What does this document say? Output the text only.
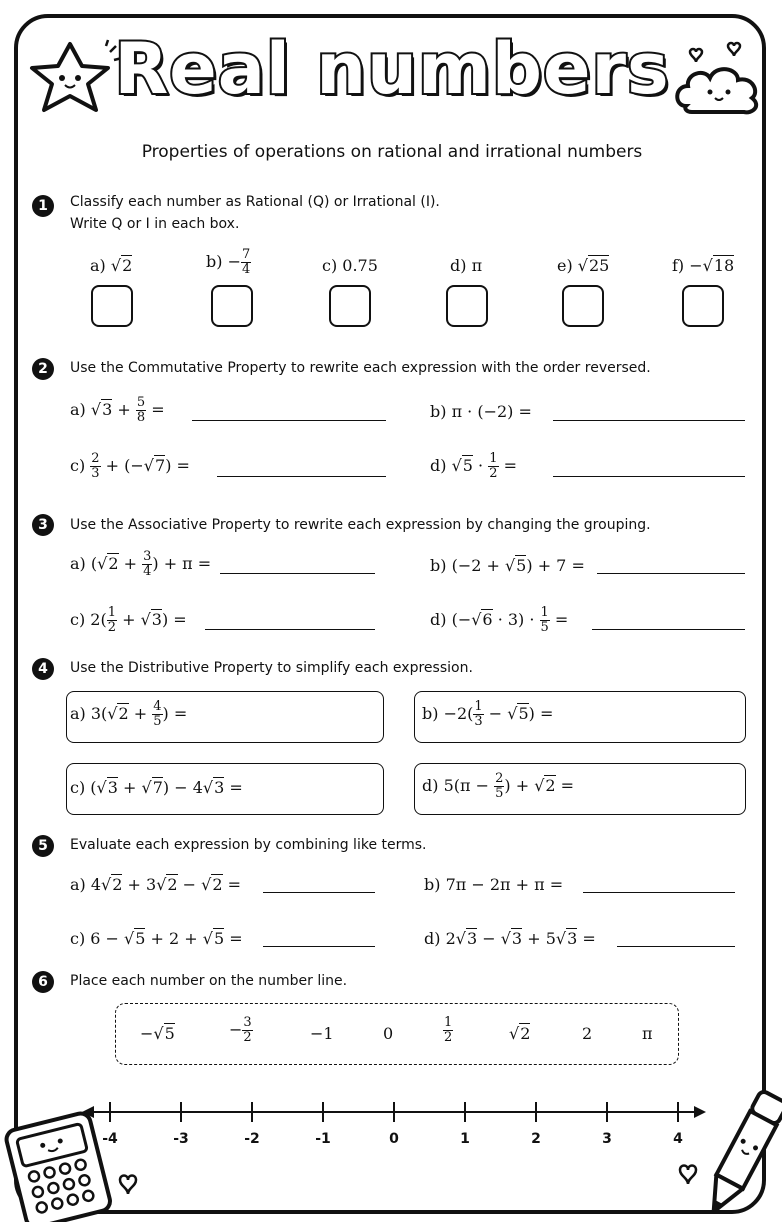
Real numbers
Properties of operations on rational and irrational numbers
1	Classify each number as Rational (Q) or Irrational (I).
Write Q or I in each box.
a) √2	$b) - \frac{7}{4}$	c) 0.75	d) π	e) √25	f) −√18
2	Use the Commutative Property to rewrite each expression with the order reversed.
a) $√3 + \frac{5}{8}$ =	b) π · (−2) =
$c) \frac{2}{3} + (-√7)$ =	d) $√5 \cdot \frac{1}{2}$ =
3	Use the Associative Property to rewrite each expression by changing the grouping.
a) ($√2 + \frac{3}{4}$ ) + π =	b) (−2 + √5) + 7 =
c) $2( \frac{1}{2} + √3)$ =	d) $(-√6 \cdot 3) \cdot \frac{1}{5}$ =
4	Use the Distributive Property to simplify each expression.
a) $3(√2 + \frac{4}{5}$ ) =	$b) -2( \frac{1}{3} - √5)$ =
c) (√3 + √7) − 4√3 =	d) $5(\pi - \frac{2}{5}$ ) + √2 =
5	Evaluate each expression by combining like terms.
a) 4√2 + 3√2 − √2 =	b) 7π − 2π + π =
c) 6 − √5 + 2 + √5 =	d) 2√3 − √3 + 5√3 =
6	Place each number on the number line.
−√5	− $\frac{3}{2}$	−1	0	$\frac{1}{2}$	√2	2	π
-4	-3	-2	-1	0	1	2	3	4
